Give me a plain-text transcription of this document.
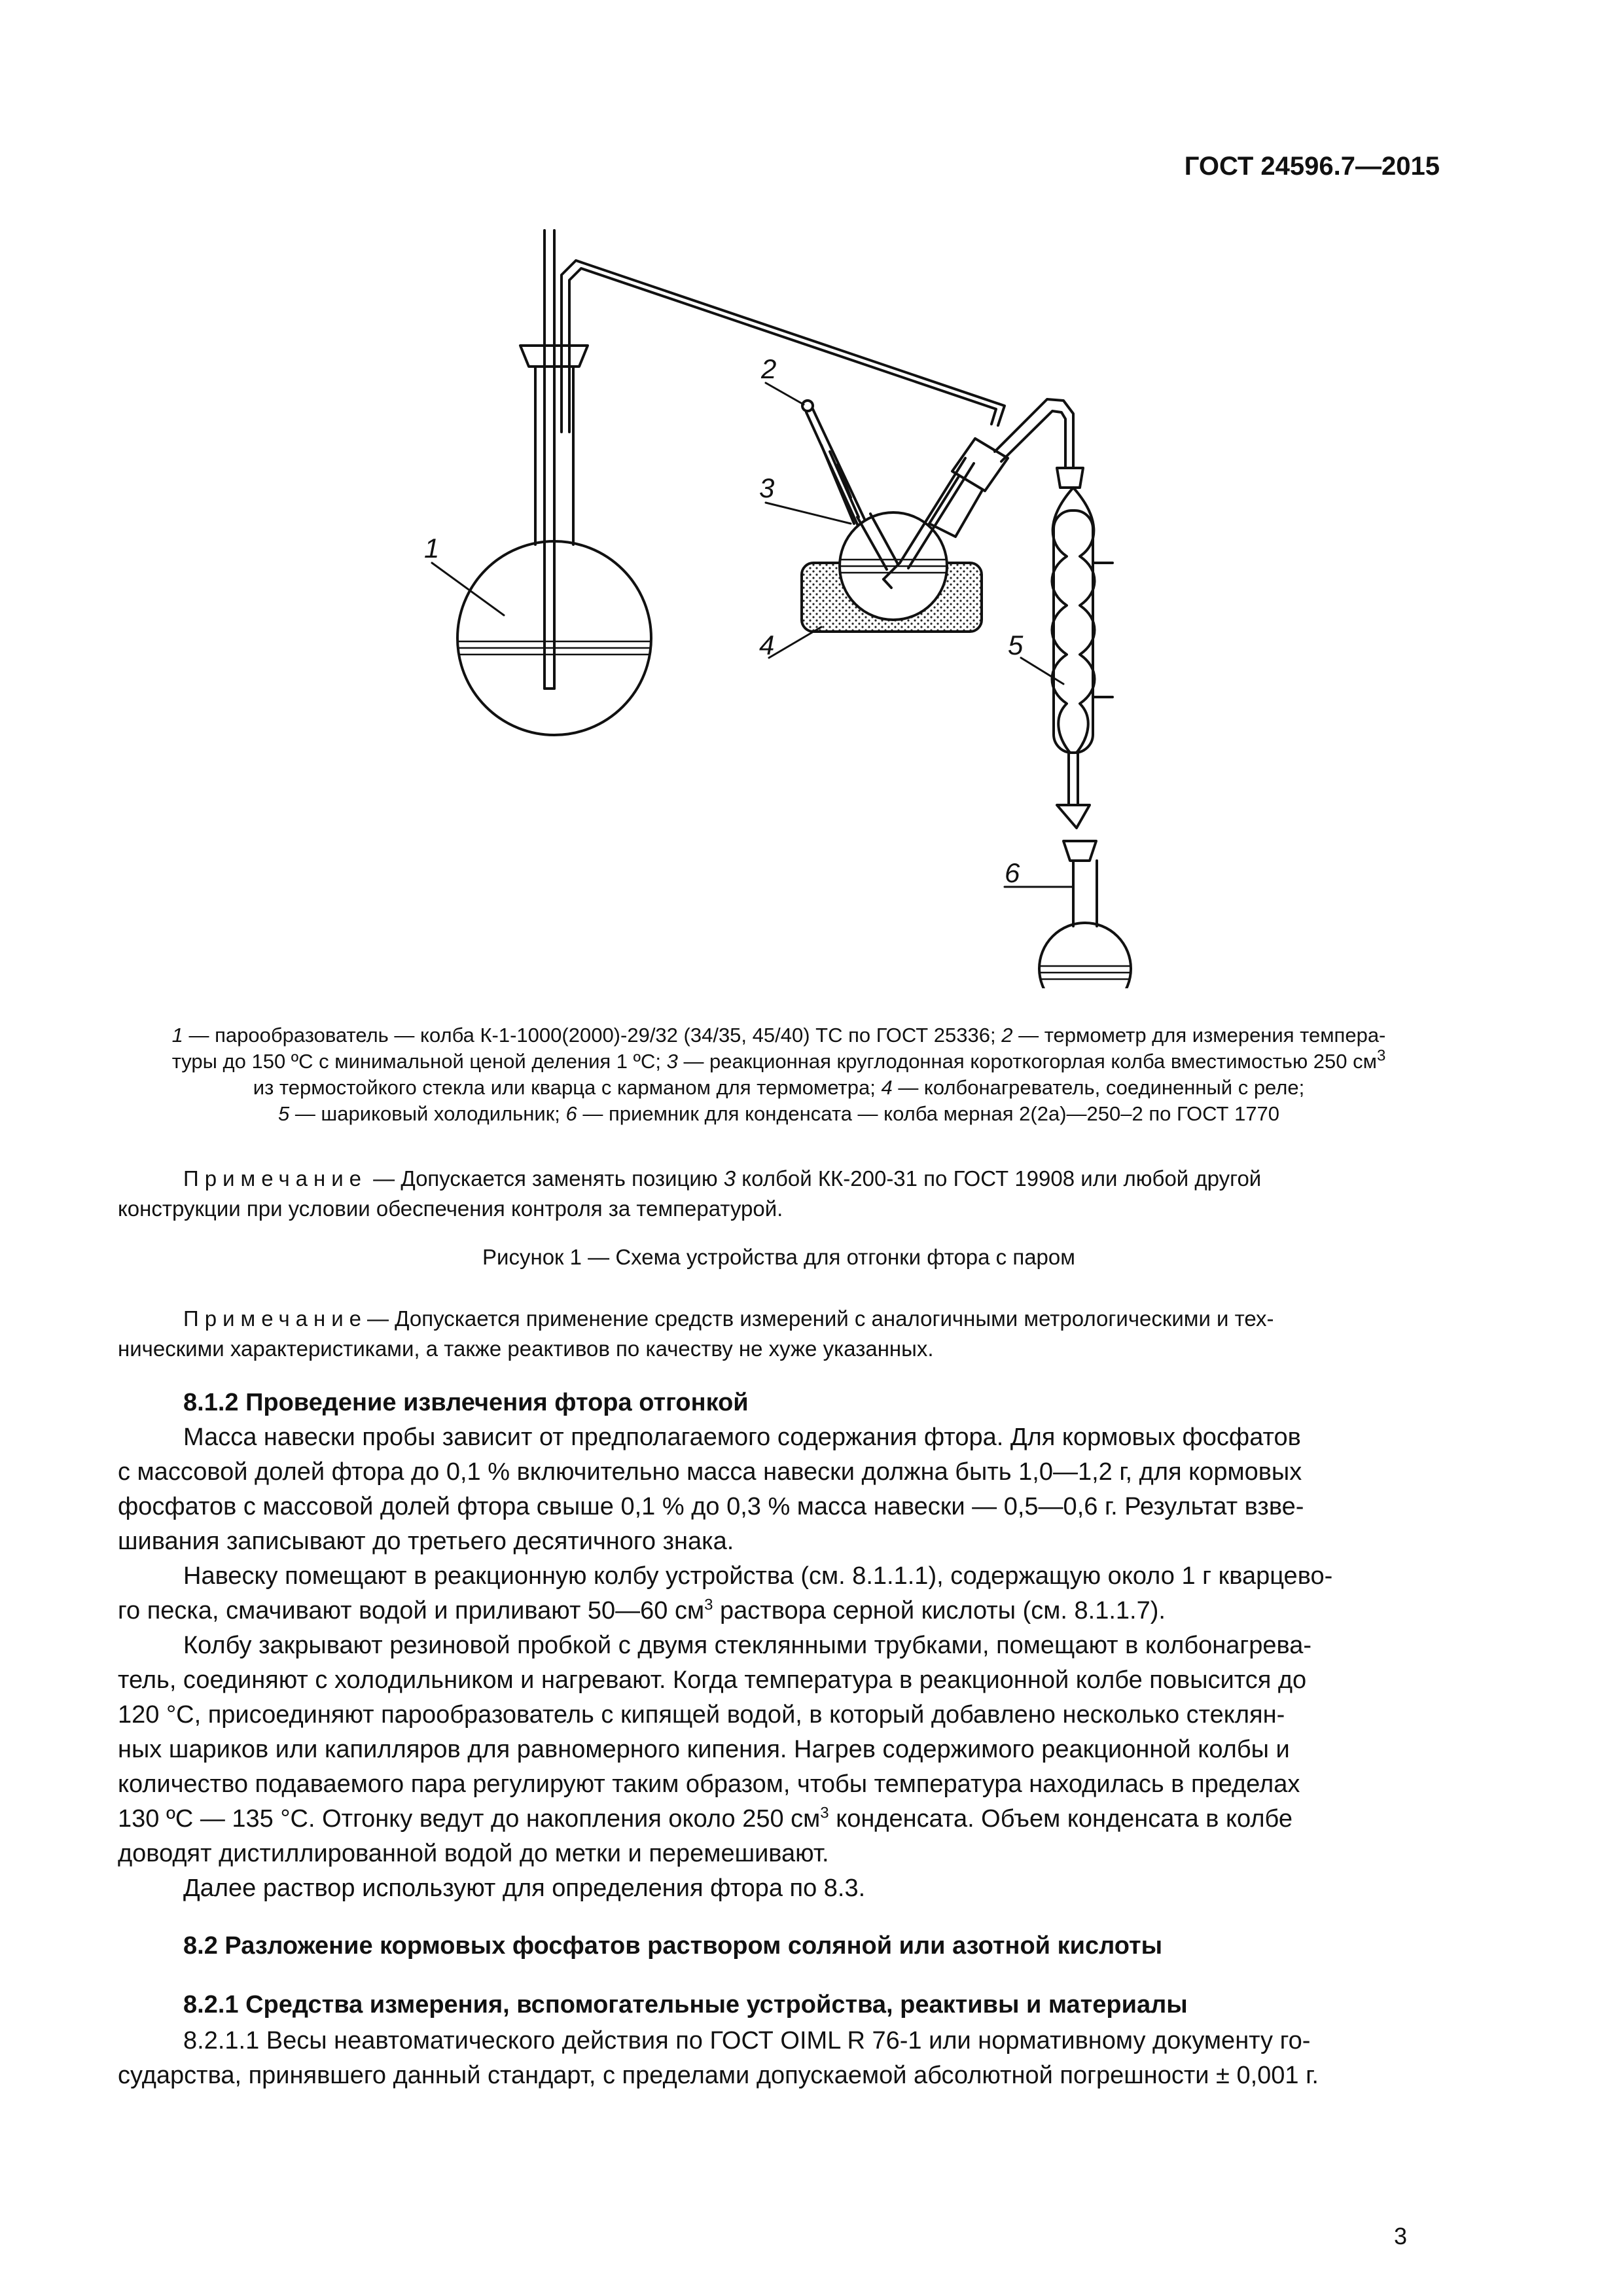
ГОСТ 24596.7—2015
1
2
3
4	5
6
1 — парообразователь — колба К-1-1000(2000)-29/32 (34/35, 45/40) ТС по ГОСТ 25336; 2 — термометр для измерения темпера-
туры до 150 ºС с минимальной ценой деления 1 ºС; 3 — реакционная круглодонная короткогорлая колба вместимостью 250 $см^3$
из термостойкого стекла или кварца с карманом для термометра; 4 — колбонагреватель, соединенный с реле;
5 — шариковый холодильник; 6 — приемник для конденсата — колба мерная 2(2а)—250–2 по ГОСТ 1770
Примечание — Допускается заменять позицию 3 колбой КК-200-31 по ГОСТ 19908 или любой другой
конструкции при условии обеспечения контроля за температурой.
Рисунок 1 — Схема устройства для отгонки фтора с паром
Примечание— Допускается применение средств измерений с аналогичными метрологическими и тех-
ническими характеристиками, а также реактивов по качеству не хуже указанных.
8.1.2 Проведение извлечения фтора отгонкой
Масса навески пробы зависит от предполагаемого содержания фтора. Для кормовых фосфатов
с массовой долей фтора до 0,1 % включительно масса навески должна быть 1,0—1,2 г, для кормовых
фосфатов с массовой долей фтора свыше 0,1 % до 0,3 % масса навески — 0,5—0,6 г. Результат взве-
шивания записывают до третьего десятичного знака.
Навеску помещают в реакционную колбу устройства (см. 8.1.1.1), содержащую около 1 г кварцево-
го песка, смачивают водой и приливают 50—60 $см^3$ раствора серной кислоты (см. 8.1.1.7).
Колбу закрывают резиновой пробкой с двумя стеклянными трубками, помещают в колбонагрева-
тель, соединяют с холодильником и нагревают. Когда температура в реакционной колбе повысится до
120 °С, присоединяют парообразователь с кипящей водой, в который добавлено несколько стеклян-
ных шариков или капилляров для равномерного кипения. Нагрев содержимого реакционной колбы и
количество подаваемого пара регулируют таким образом, чтобы температура находилась в пределах
130 ºС — 135 °С. Отгонку ведут до накопления около 250 $см^3$ конденсата. Объем конденсата в колбе
доводят дистиллированной водой до метки и перемешивают.
Далее раствор используют для определения фтора по 8.3.
8.2 Разложение кормовых фосфатов раствором соляной или азотной кислоты
8.2.1 Средства измерения, вспомогательные устройства, реактивы и материалы
8.2.1.1 Весы неавтоматического действия по ГОСТ OIML R 76-1 или нормативному документу го-
сударства, принявшего данный стандарт, с пределами допускаемой абсолютной погрешности ± 0,001 г.
3
